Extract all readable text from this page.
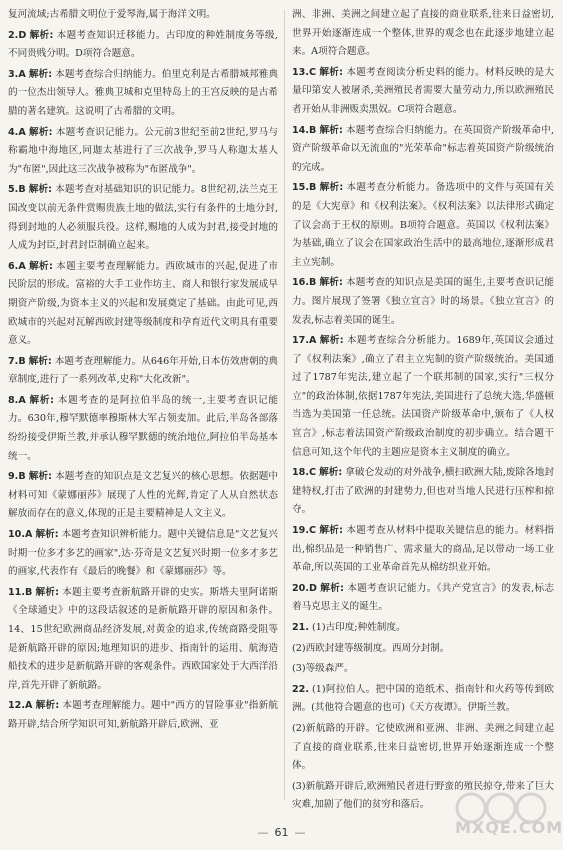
复河流域;古希腊文明位于爱琴海,属于海洋文明。

2.D 解析: 本题考查知识迁移能力。古印度的种姓制度务等级,不同贵贱分明。D项符合题意。

3.A 解析: 本题考查综合归纳能力。伯里克利是古希腊城邦雅典的一位杰出领导人。雅典卫城和克里特岛上的王宫反映的是古希腊的著名建筑。这说明了古希腊的文明。

4.A 解析: 本题考查识记能力。公元前3世纪至前2世纪,罗马与称霸地中海地区,同迦太基进行了三次战争,罗马人称迦太基人为"布匿",因此这三次战争被称为"布匿战争"。

5.B 解析: 本题考查对基础知识的识记能力。8世纪初,法兰克王国改变以前无条件赏赐贵族土地的做法,实行有条件的土地分封,得到封地的人必须服兵役。这样,赐地的人成为封君,接受封地的人成为封臣,封君封臣制确立起来。

6.A 解析: 本题主要考查理解能力。西欧城市的兴起,促进了市民阶层的形成。富裕的大手工业作坊主、商人和银行家发展成早期资产阶级,为资本主义的兴起和发展奠定了基础。由此可见,西欧城市的兴起对瓦解西欧封建等级制度和孕育近代文明具有重要意义。

7.B 解析: 本题考查理解能力。从646年开始,日本仿效唐朝的典章制度,进行了一系列改革,史称"大化改新"。

8.A 解析: 本题考查的是阿拉伯半岛的统一,主要考查识记能力。630年,穆罕默德率穆斯林大军占领麦加。此后,半岛各部落纷纷接受伊斯兰教,并承认穆罕默德的统治地位,阿拉伯半岛基本统一。

9.B 解析: 本题考查的知识点是文艺复兴的核心思想。依据题中材料可知《蒙娜丽莎》展现了人性的光辉,肯定了人从自然状态解放而存在的意义,体现的正是主要精神是人文主义。

10.A 解析: 本题考查知识辨析能力。题中关键信息是"文艺复兴时期一位多才多艺的画家",达·芬奇是文艺复兴时期一位多才多艺的画家,代表作有《最后的晚餐》和《蒙娜丽莎》等。

11.B 解析: 本题主要考查新航路开辟的史实。斯塔夫里阿诺斯《全球通史》中的这段话叙述的是新航路开辟的原因和条件。14、15世纪欧洲商品经济发展,对黄金的追求,传统商路受阻等是新航路开辟的原因;地理知识的进步、指南针的运用、航海造船技术的进步是新航路开辟的客观条件。西欧国家处于大西洋沿岸,首先开辟了新航路。

12.A 解析: 本题考查理解能力。题中"西方的冒险事业"指新航路开辟,结合所学知识可知,新航路开辟后,欧洲、亚

洲、非洲、美洲之间建立起了直接的商业联系,往来日益密切,世界开始逐渐连成一个整体,世界的观念也在此逐步地建立起来。A项符合题意。

13.C 解析: 本题考查阅读分析史料的能力。材料反映的是大量印第安人被屠杀,美洲殖民者需要大量劳动力,所以欧洲殖民者开始从非洲贩卖黑奴。C项符合题意。

14.B 解析: 本题考查综合归纳能力。在英国资产阶级革命中,资产阶级革命以无流血的"光荣革命"标志着英国资产阶级统治的完成。

15.B 解析: 本题考查分析能力。备选项中的文件与英国有关的是《大宪章》和《权利法案》。《权利法案》以法律形式确定了议会高于王权的原则。B项符合题意。英国以《权利法案》为基础,确立了议会在国家政治生活中的最高地位,逐渐形成君主立宪制。

16.B 解析: 本题考查的知识点是美国的诞生,主要考查识记能力。图片展现了签署《独立宣言》时的场景。《独立宣言》的发表,标志着美国的诞生。

17.A 解析: 本题考查综合分析能力。1689年,英国议会通过了《权利法案》,确立了君主立宪制的资产阶级统治。美国通过了1787年宪法,建立起了一个联邦制的国家,实行"三权分立"的政治体制,依据1787年宪法,美国进行了总统大选,华盛顿当选为美国第一任总统。法国资产阶级革命中,颁布了《人权宣言》,标志着法国资产阶级政治制度的初步确立。结合题干信息可知,这个年代的主题应是资本主义制度的确立。

18.C 解析: 拿破仑发动的对外战争,横扫欧洲大陆,废除各地封建特权,打击了欧洲的封建势力,但也对当地人民进行压榨和掠夺。

19.C 解析: 本题考查从材料中提取关键信息的能力。材料指出,棉织品是一种销售广、需求量大的商品,足以带动一场工业革命,所以英国的工业革命首先从棉纺织业开始。

20.D 解析: 本题考查识记能力。《共产党宣言》的发表,标志着马克思主义的诞生。

21. (1)古印度;种姓制度。

(2)西欧封建等级制度。西周分封制。

(3)等级森严。

22. (1)阿拉伯人。把中国的造纸术、指南针和火药等传到欧洲。(其他符合题意的也可)《天方夜谭》。伊斯兰教。

(2)新航路的开辟。它使欧洲和亚洲、非洲、美洲之间建立起了直接的商业联系,往来日益密切,世界开始逐渐连成一个整体。

(3)新航路开辟后,欧洲殖民者进行野蛮的殖民掠夺,带来了巨大灾难,加剧了他们的贫穷和落后。

— 61 —	MXQE.COM
